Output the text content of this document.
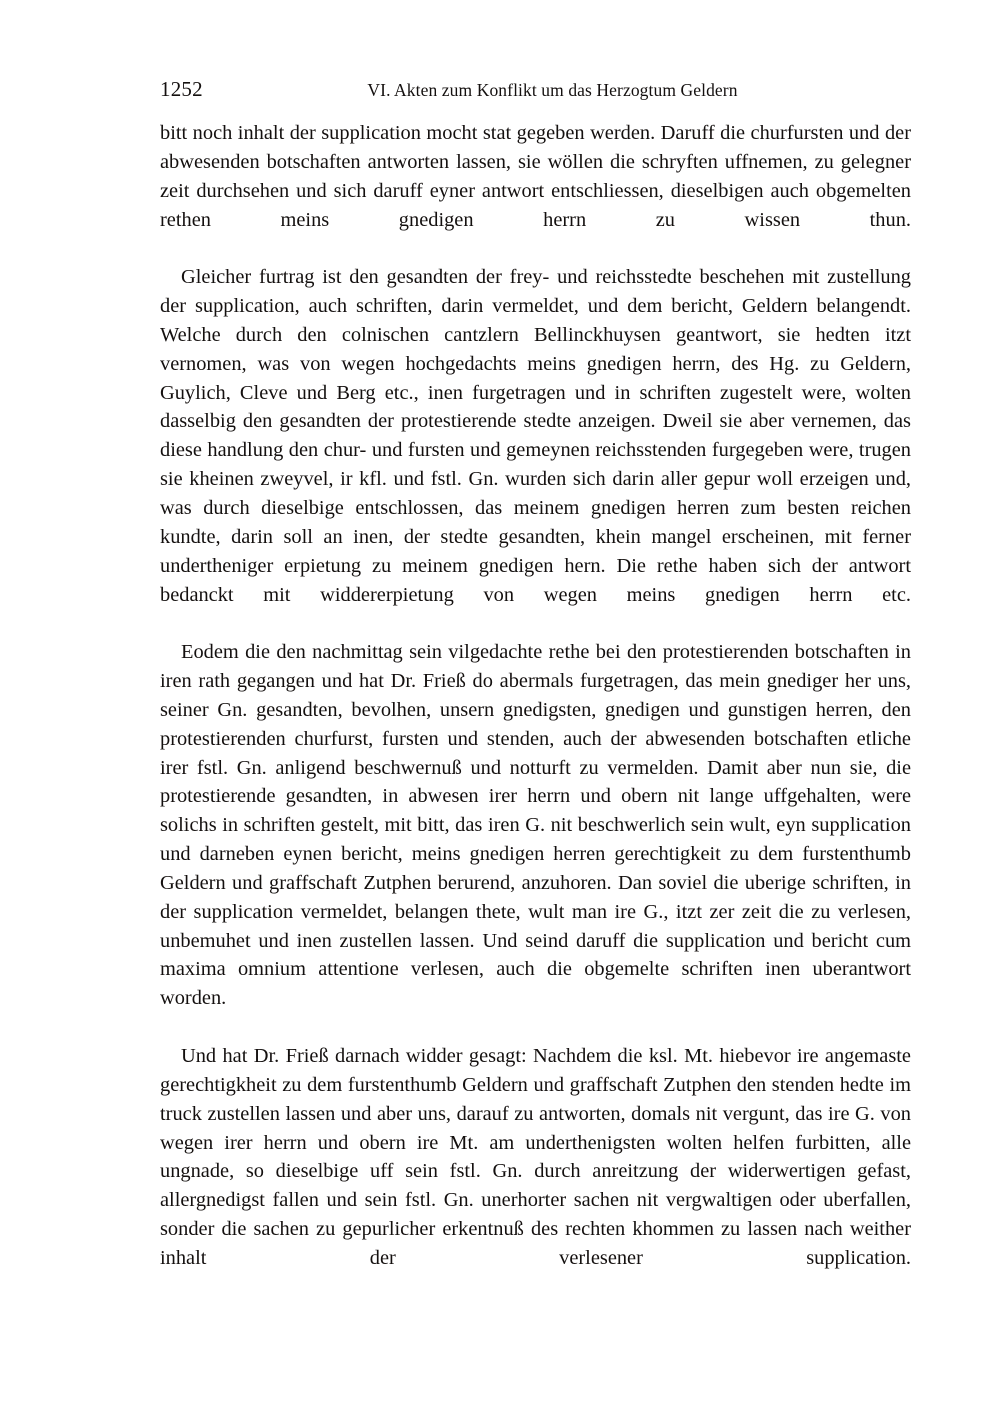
1252	VI. Akten zum Konflikt um das Herzogtum Geldern

bitt noch inhalt der supplication mocht stat gegeben werden. Daruff die churfursten und der abwesenden botschaften antworten lassen, sie wöllen die schryften uffnemen, zu gelegner zeit durchsehen und sich daruff eyner antwort entschliessen, dieselbigen auch obgemelten rethen meins gnedigen herrn zu wissen thun.

Gleicher furtrag ist den gesandten der frey- und reichsstedte beschehen mit zustellung der supplication, auch schriften, darin vermeldet, und dem bericht, Geldern belangendt. Welche durch den colnischen cantzlern Bellinckhuysen geantwort, sie hedten itzt vernomen, was von wegen hochgedachts meins gnedigen herrn, des Hg. zu Geldern, Guylich, Cleve und Berg etc., inen furgetragen und in schriften zugestelt were, wolten dasselbig den gesandten der protestierende stedte anzeigen. Dweil sie aber vernemen, das diese handlung den chur- und fursten und gemeynen reichsstenden furgegeben were, trugen sie kheinen zweyvel, ir kfl. und fstl. Gn. wurden sich darin aller gepur woll erzeigen und, was durch dieselbige entschlossen, das meinem gnedigen herren zum besten reichen kundte, darin soll an inen, der stedte gesandten, khein mangel erscheinen, mit ferner undertheniger erpietung zu meinem gnedigen hern. Die rethe haben sich der antwort bedanckt mit widdererpietung von wegen meins gnedigen herrn etc.

Eodem die den nachmittag sein vilgedachte rethe bei den protestierenden botschaften in iren rath gegangen und hat Dr. Frieß do abermals furgetragen, das mein gnediger her uns, seiner Gn. gesandten, bevolhen, unsern gnedigsten, gnedigen und gunstigen herren, den protestierenden churfurst, fursten und stenden, auch der abwesenden botschaften etliche irer fstl. Gn. anligend beschwernuß und notturft zu vermelden. Damit aber nun sie, die protestierende gesandten, in abwesen irer herrn und obern nit lange uffgehalten, were solichs in schriften gestelt, mit bitt, das iren G. nit beschwerlich sein wult, eyn supplication und darneben eynen bericht, meins gnedigen herren gerechtigkeit zu dem furstenthumb Geldern und graffschaft Zutphen berurend, anzuhoren. Dan soviel die uberige schriften, in der supplication vermeldet, belangen thete, wult man ire G., itzt zer zeit die zu verlesen, unbemuhet und inen zustellen lassen. Und seind daruff die supplication und bericht cum maxima omnium attentione verlesen, auch die obgemelte schriften inen uberantwort worden.

Und hat Dr. Frieß darnach widder gesagt: Nachdem die ksl. Mt. hiebevor ire angemaste gerechtigkheit zu dem furstenthumb Geldern und graffschaft Zutphen den stenden hedte im truck zustellen lassen und aber uns, darauf zu antworten, domals nit vergunt, das ire G. von wegen irer herrn und obern ire Mt. am underthenigsten wolten helfen furbitten, alle ungnade, so dieselbige uff sein fstl. Gn. durch anreitzung der widerwertigen gefast, allergnedigst fallen und sein fstl. Gn. unerhorter sachen nit vergwaltigen oder uberfallen, sonder die sachen zu gepurlicher erkentnuß des rechten khommen zu lassen nach weither inhalt der verlesener supplication.
